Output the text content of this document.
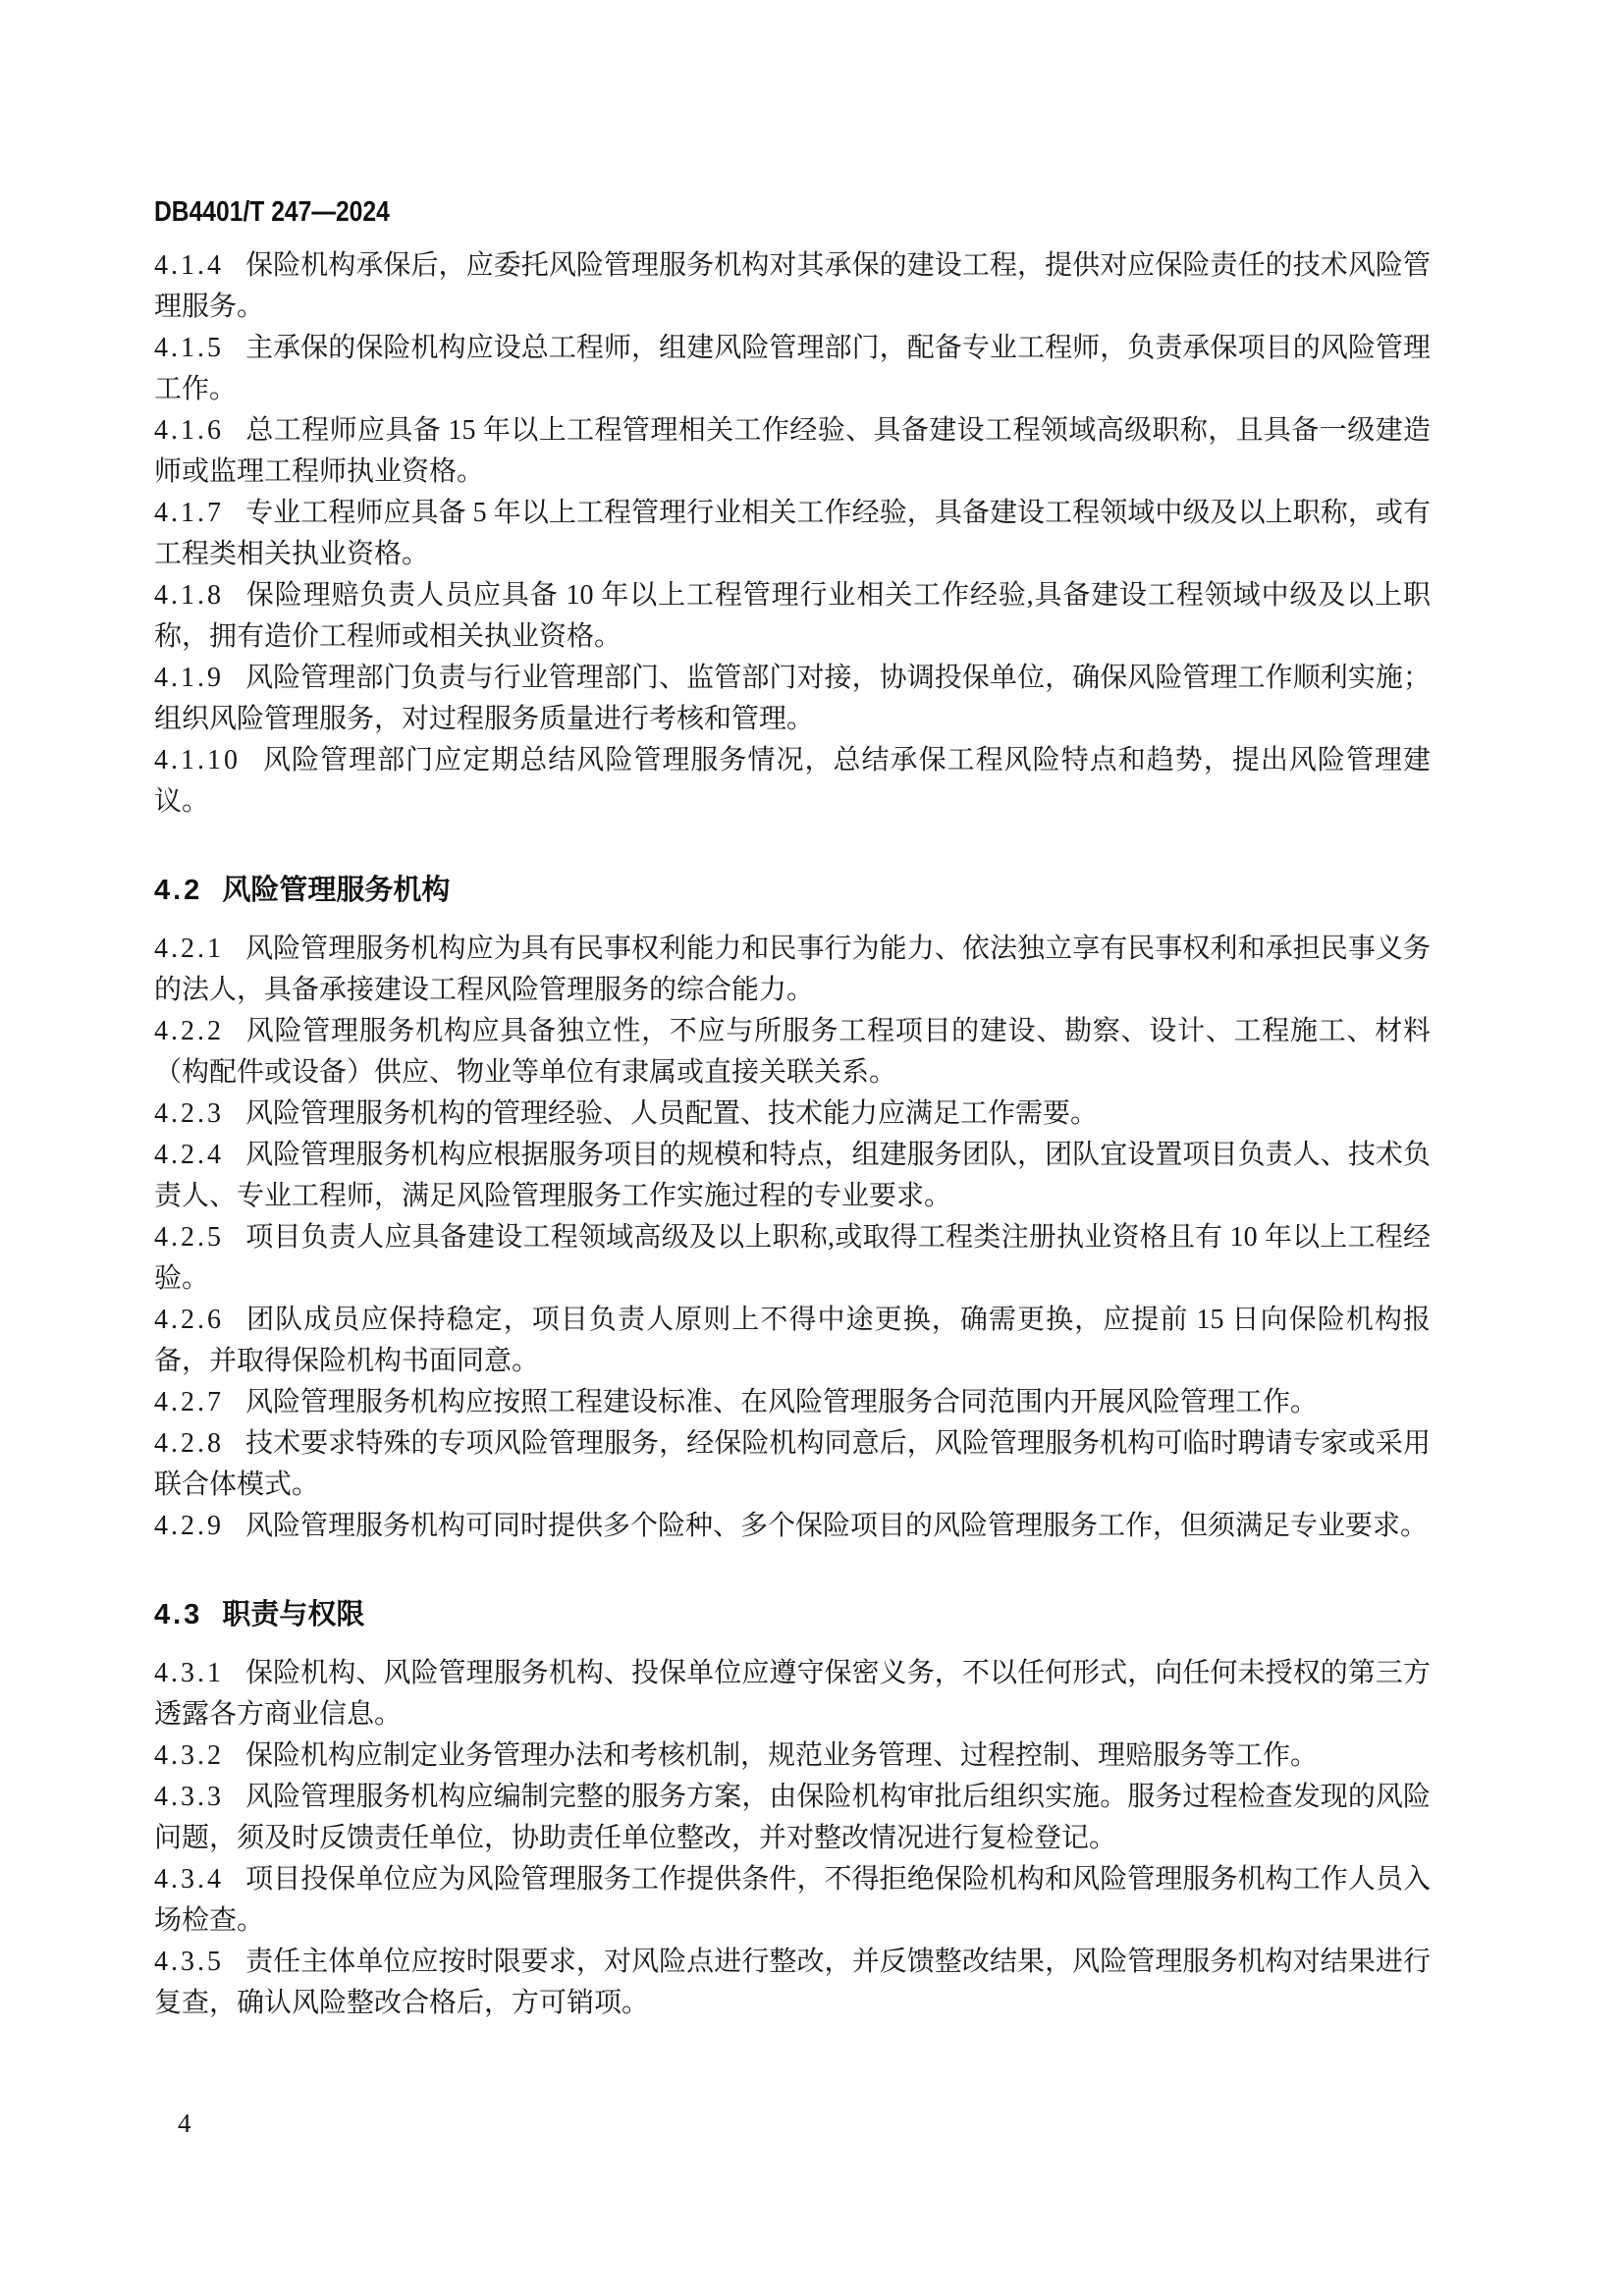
DB4401/T 247—2024

4.1.4 保险机构承保后，应委托风险管理服务机构对其承保的建设工程，提供对应保险责任的技术风险管理服务。

4.1.5 主承保的保险机构应设总工程师，组建风险管理部门，配备专业工程师，负责承保项目的风险管理工作。

4.1.6 总工程师应具备 15 年以上工程管理相关工作经验、具备建设工程领域高级职称，且具备一级建造师或监理工程师执业资格。

4.1.7 专业工程师应具备 5 年以上工程管理行业相关工作经验，具备建设工程领域中级及以上职称，或有工程类相关执业资格。

4.1.8 保险理赔负责人员应具备 10 年以上工程管理行业相关工作经验,具备建设工程领域中级及以上职称，拥有造价工程师或相关执业资格。

4.1.9 风险管理部门负责与行业管理部门、监管部门对接，协调投保单位，确保风险管理工作顺利实施；组织风险管理服务，对过程服务质量进行考核和管理。

4.1.10 风险管理部门应定期总结风险管理服务情况，总结承保工程风险特点和趋势，提出风险管理建议。

4.2 风险管理服务机构

4.2.1 风险管理服务机构应为具有民事权利能力和民事行为能力、依法独立享有民事权利和承担民事义务的法人，具备承接建设工程风险管理服务的综合能力。

4.2.2 风险管理服务机构应具备独立性，不应与所服务工程项目的建设、勘察、设计、工程施工、材料（构配件或设备）供应、物业等单位有隶属或直接关联关系。

4.2.3 风险管理服务机构的管理经验、人员配置、技术能力应满足工作需要。

4.2.4 风险管理服务机构应根据服务项目的规模和特点，组建服务团队，团队宜设置项目负责人、技术负责人、专业工程师，满足风险管理服务工作实施过程的专业要求。

4.2.5 项目负责人应具备建设工程领域高级及以上职称,或取得工程类注册执业资格且有 10 年以上工程经验。

4.2.6 团队成员应保持稳定，项目负责人原则上不得中途更换，确需更换，应提前 15 日向保险机构报备，并取得保险机构书面同意。

4.2.7 风险管理服务机构应按照工程建设标准、在风险管理服务合同范围内开展风险管理工作。

4.2.8 技术要求特殊的专项风险管理服务，经保险机构同意后，风险管理服务机构可临时聘请专家或采用联合体模式。

4.2.9 风险管理服务机构可同时提供多个险种、多个保险项目的风险管理服务工作，但须满足专业要求。

4.3 职责与权限

4.3.1 保险机构、风险管理服务机构、投保单位应遵守保密义务，不以任何形式，向任何未授权的第三方透露各方商业信息。

4.3.2 保险机构应制定业务管理办法和考核机制，规范业务管理、过程控制、理赔服务等工作。

4.3.3 风险管理服务机构应编制完整的服务方案，由保险机构审批后组织实施。服务过程检查发现的风险问题，须及时反馈责任单位，协助责任单位整改，并对整改情况进行复检登记。

4.3.4 项目投保单位应为风险管理服务工作提供条件，不得拒绝保险机构和风险管理服务机构工作人员入场检查。

4.3.5 责任主体单位应按时限要求，对风险点进行整改，并反馈整改结果，风险管理服务机构对结果进行复查，确认风险整改合格后，方可销项。

4
